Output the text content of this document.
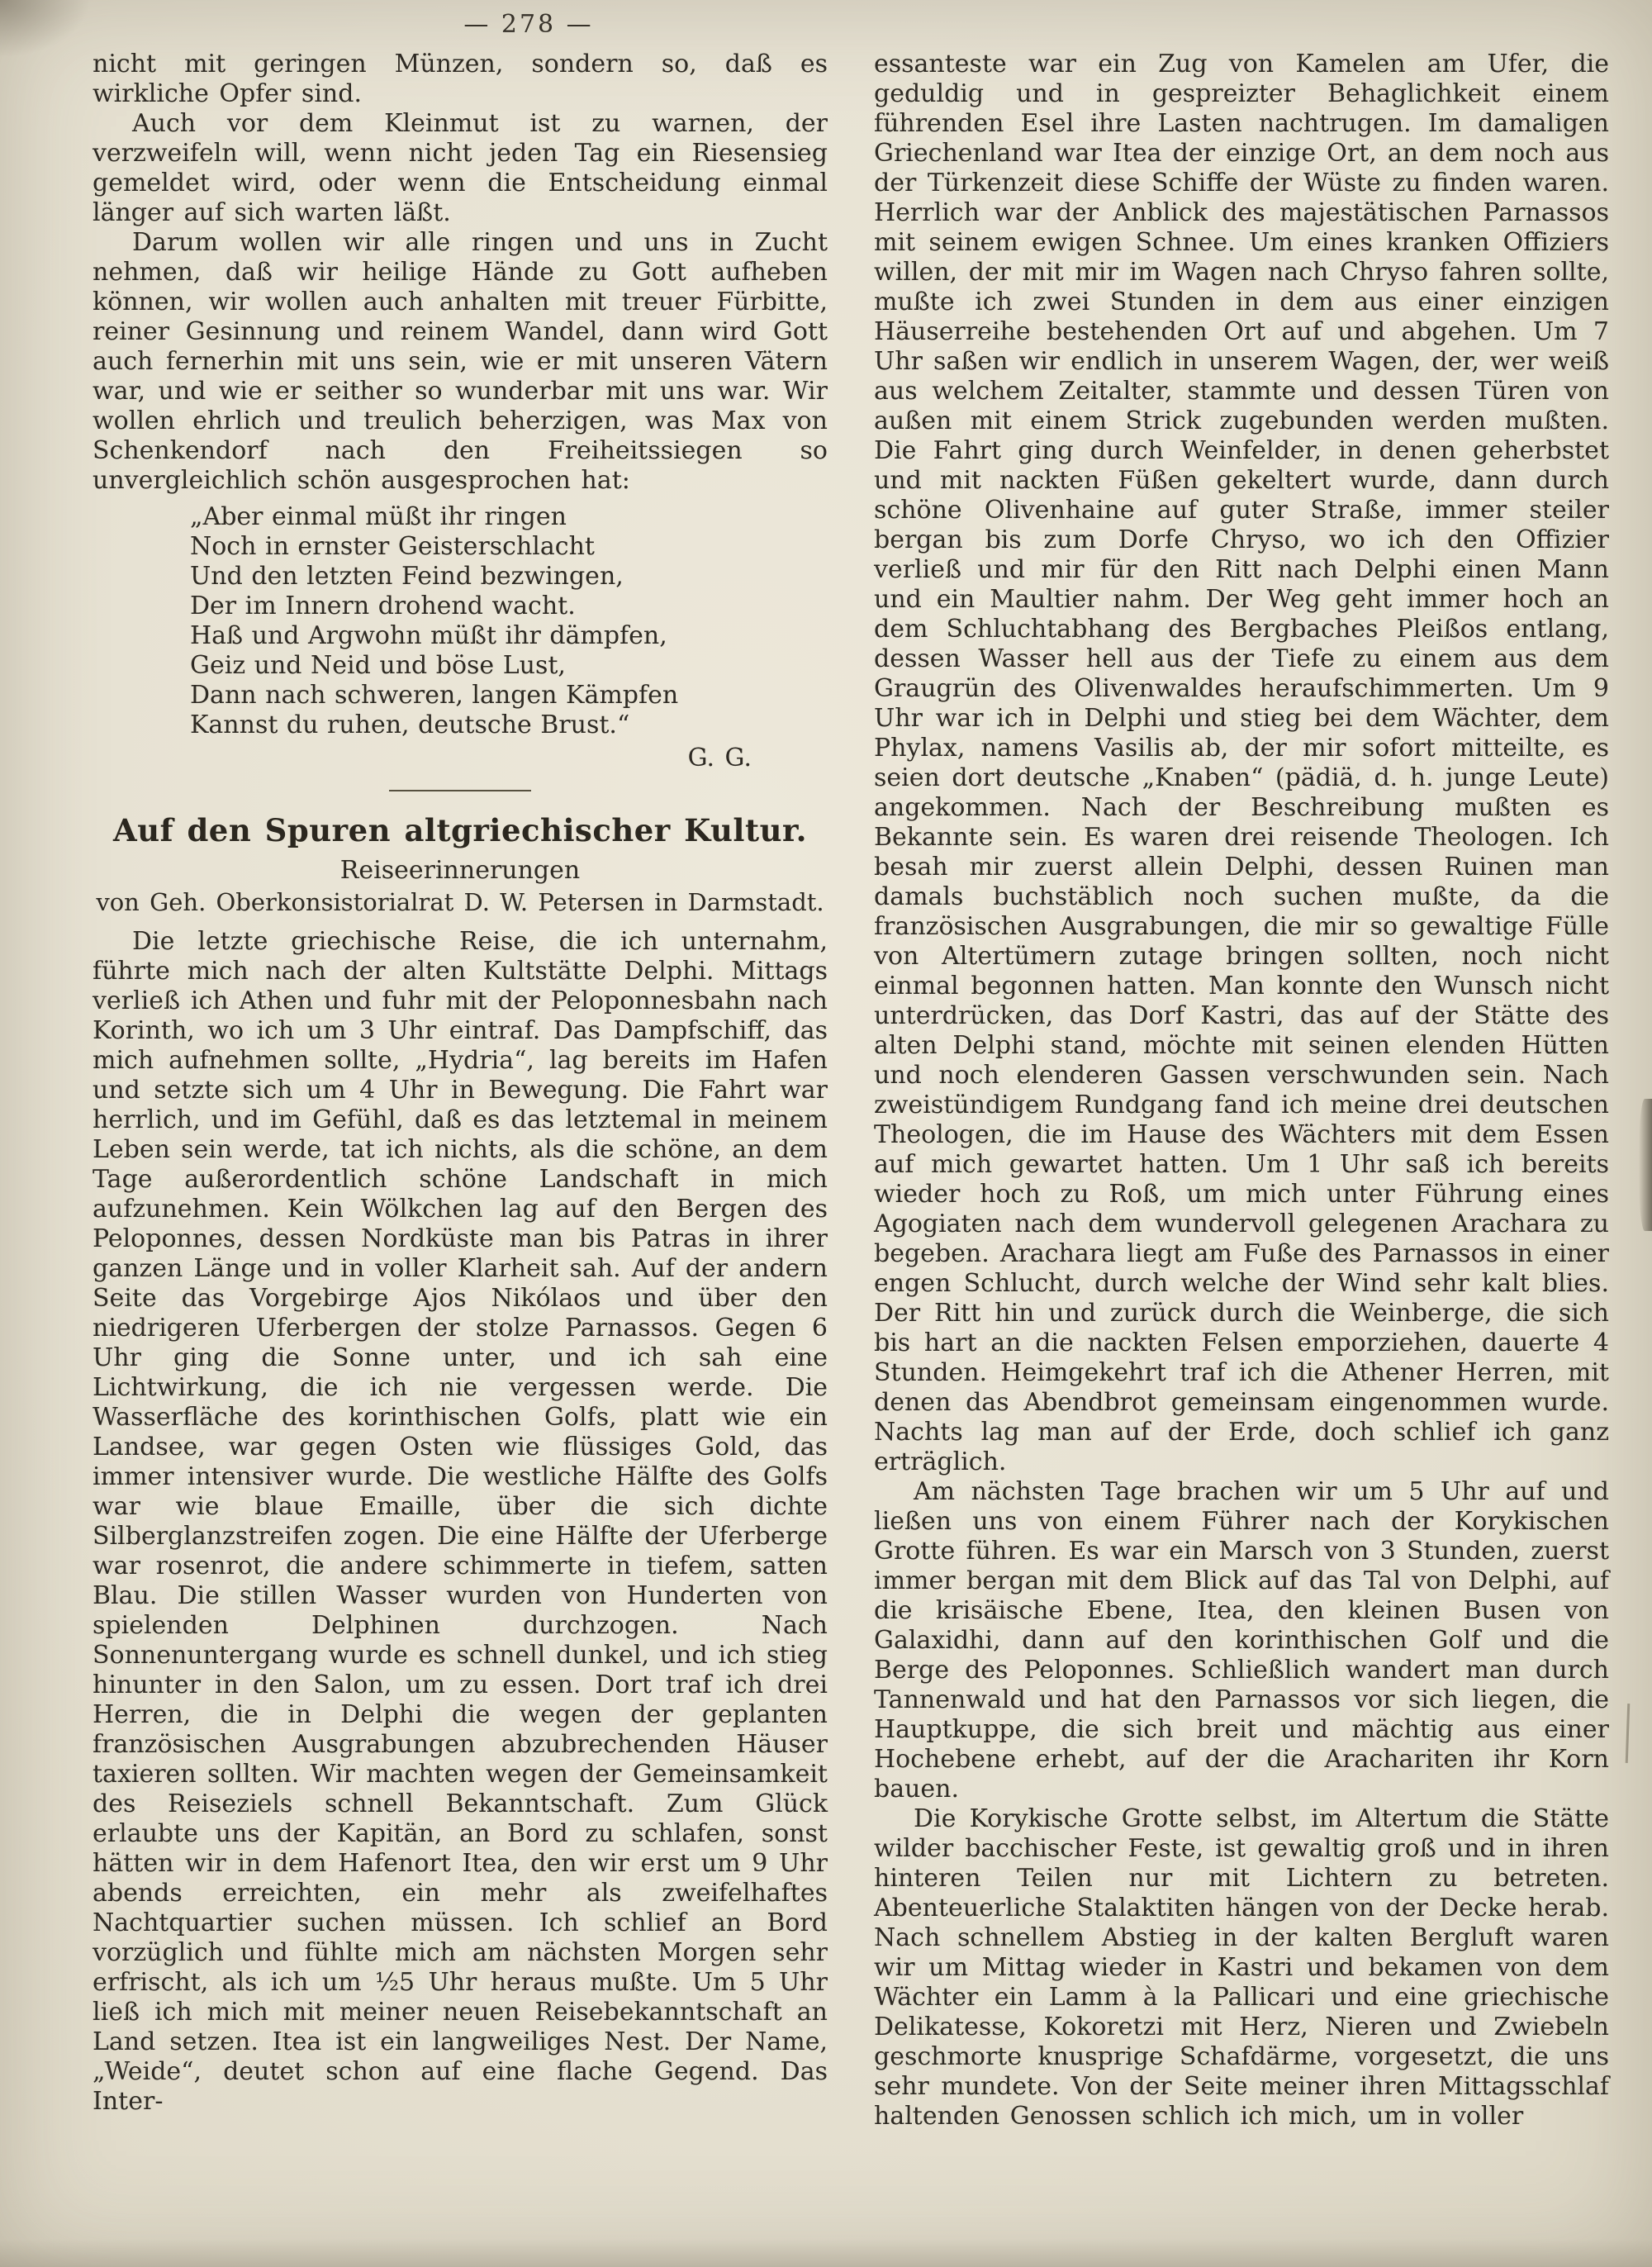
— 278 —

nicht mit geringen Münzen, sondern so, daß es wirkliche Opfer sind.

Auch vor dem Kleinmut ist zu warnen, der verzweifeln will, wenn nicht jeden Tag ein Riesensieg gemeldet wird, oder wenn die Entscheidung einmal länger auf sich warten läßt.

Darum wollen wir alle ringen und uns in Zucht nehmen, daß wir heilige Hände zu Gott aufheben können, wir wollen auch anhalten mit treuer Fürbitte, reiner Gesinnung und reinem Wandel, dann wird Gott auch fernerhin mit uns sein, wie er mit unseren Vätern war, und wie er seither so wunderbar mit uns war. Wir wollen ehrlich und treulich beherzigen, was Max von Schenkendorf nach den Freiheitssiegen so unvergleichlich schön ausgesprochen hat:

„Aber einmal müßt ihr ringen
Noch in ernster Geisterschlacht
Und den letzten Feind bezwingen,
Der im Innern drohend wacht.
Haß und Argwohn müßt ihr dämpfen,
Geiz und Neid und böse Lust,
Dann nach schweren, langen Kämpfen
Kannst du ruhen, deutsche Brust.“
G. G.
Auf den Spuren altgriechischer Kultur.
Reiseerinnerungen
von Geh. Oberkonsistorialrat D. W. Petersen in Darmstadt.

Die letzte griechische Reise, die ich unternahm, führte mich nach der alten Kultstätte Delphi. Mittags verließ ich Athen und fuhr mit der Peloponnesbahn nach Korinth, wo ich um 3 Uhr eintraf. Das Dampfschiff, das mich aufnehmen sollte, „Hydria“, lag bereits im Hafen und setzte sich um 4 Uhr in Bewegung. Die Fahrt war herrlich, und im Gefühl, daß es das letztemal in meinem Leben sein werde, tat ich nichts, als die schöne, an dem Tage außerordentlich schöne Landschaft in mich aufzunehmen. Kein Wölkchen lag auf den Bergen des Peloponnes, dessen Nordküste man bis Patras in ihrer ganzen Länge und in voller Klarheit sah. Auf der andern Seite das Vorgebirge Ajos Nikólaos und über den niedrigeren Uferbergen der stolze Parnassos. Gegen 6 Uhr ging die Sonne unter, und ich sah eine Lichtwirkung, die ich nie vergessen werde. Die Wasserfläche des korinthischen Golfs, platt wie ein Landsee, war gegen Osten wie flüssiges Gold, das immer intensiver wurde. Die westliche Hälfte des Golfs war wie blaue Emaille, über die sich dichte Silberglanzstreifen zogen. Die eine Hälfte der Uferberge war rosenrot, die andere schimmerte in tiefem, satten Blau. Die stillen Wasser wurden von Hunderten von spielenden Delphinen durchzogen. Nach Sonnenuntergang wurde es schnell dunkel, und ich stieg hinunter in den Salon, um zu essen. Dort traf ich drei Herren, die in Delphi die wegen der geplanten französischen Ausgrabungen abzubrechenden Häuser taxieren sollten. Wir machten wegen der Gemeinsamkeit des Reiseziels schnell Bekanntschaft. Zum Glück erlaubte uns der Kapitän, an Bord zu schlafen, sonst hätten wir in dem Hafenort Itea, den wir erst um 9 Uhr abends erreichten, ein mehr als zweifelhaftes Nachtquartier suchen müssen. Ich schlief an Bord vorzüglich und fühlte mich am nächsten Morgen sehr erfrischt, als ich um ½5 Uhr heraus mußte. Um 5 Uhr ließ ich mich mit meiner neuen Reisebekanntschaft an Land setzen. Itea ist ein langweiliges Nest. Der Name, „Weide“, deutet schon auf eine flache Gegend. Das Inter-

essanteste war ein Zug von Kamelen am Ufer, die geduldig und in gespreizter Behaglichkeit einem führenden Esel ihre Lasten nachtrugen. Im damaligen Griechenland war Itea der einzige Ort, an dem noch aus der Türkenzeit diese Schiffe der Wüste zu finden waren. Herrlich war der Anblick des majestätischen Parnassos mit seinem ewigen Schnee. Um eines kranken Offiziers willen, der mit mir im Wagen nach Chryso fahren sollte, mußte ich zwei Stunden in dem aus einer einzigen Häuserreihe bestehenden Ort auf und abgehen. Um 7 Uhr saßen wir endlich in unserem Wagen, der, wer weiß aus welchem Zeitalter, stammte und dessen Türen von außen mit einem Strick zugebunden werden mußten. Die Fahrt ging durch Weinfelder, in denen geherbstet und mit nackten Füßen gekeltert wurde, dann durch schöne Olivenhaine auf guter Straße, immer steiler bergan bis zum Dorfe Chryso, wo ich den Offizier verließ und mir für den Ritt nach Delphi einen Mann und ein Maultier nahm. Der Weg geht immer hoch an dem Schluchtabhang des Bergbaches Pleißos entlang, dessen Wasser hell aus der Tiefe zu einem aus dem Graugrün des Olivenwaldes heraufschimmerten. Um 9 Uhr war ich in Delphi und stieg bei dem Wächter, dem Phylax, namens Vasilis ab, der mir sofort mitteilte, es seien dort deutsche „Knaben“ (pädiä, d. h. junge Leute) angekommen. Nach der Beschreibung mußten es Bekannte sein. Es waren drei reisende Theologen. Ich besah mir zuerst allein Delphi, dessen Ruinen man damals buchstäblich noch suchen mußte, da die französischen Ausgrabungen, die mir so gewaltige Fülle von Altertümern zutage bringen sollten, noch nicht einmal begonnen hatten. Man konnte den Wunsch nicht unterdrücken, das Dorf Kastri, das auf der Stätte des alten Delphi stand, möchte mit seinen elenden Hütten und noch elenderen Gassen verschwunden sein. Nach zweistündigem Rundgang fand ich meine drei deutschen Theologen, die im Hause des Wächters mit dem Essen auf mich gewartet hatten. Um 1 Uhr saß ich bereits wieder hoch zu Roß, um mich unter Führung eines Agogiaten nach dem wundervoll gelegenen Arachara zu begeben. Arachara liegt am Fuße des Parnassos in einer engen Schlucht, durch welche der Wind sehr kalt blies. Der Ritt hin und zurück durch die Weinberge, die sich bis hart an die nackten Felsen emporziehen, dauerte 4 Stunden. Heimgekehrt traf ich die Athener Herren, mit denen das Abendbrot gemeinsam eingenommen wurde. Nachts lag man auf der Erde, doch schlief ich ganz erträglich.

Am nächsten Tage brachen wir um 5 Uhr auf und ließen uns von einem Führer nach der Korykischen Grotte führen. Es war ein Marsch von 3 Stunden, zuerst immer bergan mit dem Blick auf das Tal von Delphi, auf die krisäische Ebene, Itea, den kleinen Busen von Galaxidhi, dann auf den korinthischen Golf und die Berge des Peloponnes. Schließlich wandert man durch Tannenwald und hat den Parnassos vor sich liegen, die Hauptkuppe, die sich breit und mächtig aus einer Hochebene erhebt, auf der die Arachariten ihr Korn bauen.

Die Korykische Grotte selbst, im Altertum die Stätte wilder bacchischer Feste, ist gewaltig groß und in ihren hinteren Teilen nur mit Lichtern zu betreten. Abenteuerliche Stalaktiten hängen von der Decke herab. Nach schnellem Abstieg in der kalten Bergluft waren wir um Mittag wieder in Kastri und bekamen von dem Wächter ein Lamm à la Pallicari und eine griechische Delikatesse, Kokoretzi mit Herz, Nieren und Zwiebeln geschmorte knusprige Schafdärme, vorgesetzt, die uns sehr mundete. Von der Seite meiner ihren Mittagsschlaf haltenden Genossen schlich ich mich, um in voller
